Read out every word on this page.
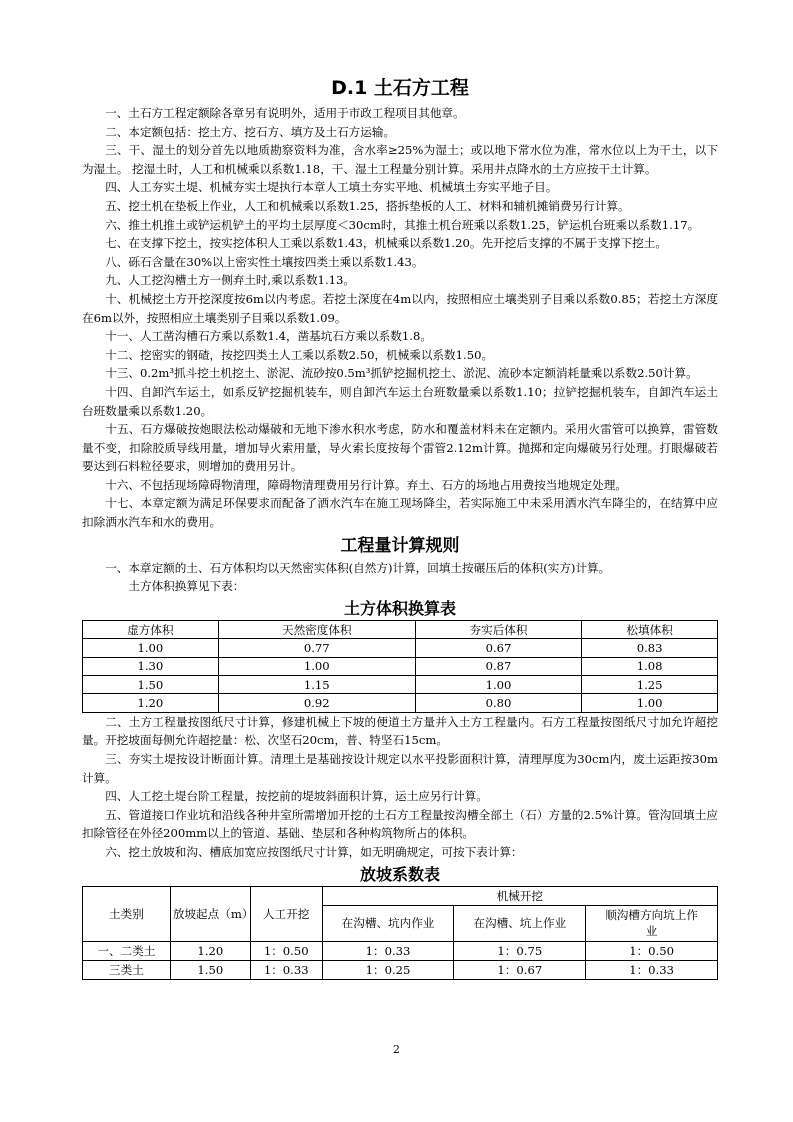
D.1 土石方工程

一、土石方工程定额除各章另有说明外，适用于市政工程项目其他章。

二、本定额包括：挖土方、挖石方、填方及土石方运输。

三、干、湿土的划分首先以地质勘察资料为准，含水率≥25%为湿土；或以地下常水位为准，常水位以上为干土，以下为湿土。 挖湿土时，人工和机械乘以系数1.18，干、湿土工程量分别计算。采用井点降水的土方应按干土计算。

四、人工夯实土堤、机械夯实土堤执行本章人工填土夯实平地、机械填土夯实平地子目。

五、挖土机在垫板上作业，人工和机械乘以系数1.25，搭拆垫板的人工、材料和辅机摊销费另行计算。

六、推土机推土或铲运机铲土的平均土层厚度＜30cm时，其推土机台班乘以系数1.25，铲运机台班乘以系数1.17。

七、在支撑下挖土，按实挖体积人工乘以系数1.43，机械乘以系数1.20。先开挖后支撑的不属于支撑下挖土。

八、砾石含量在30%以上密实性土壤按四类土乘以系数1.43。

九、人工挖沟槽土方一侧弃土时,乘以系数1.13。

十、机械挖土方开挖深度按6m以内考虑。若挖土深度在4m以内，按照相应土壤类别子目乘以系数0.85；若挖土方深度在6m以外，按照相应土壤类别子目乘以系数1.09。

十一、人工凿沟槽石方乘以系数1.4，凿基坑石方乘以系数1.8。

十二、挖密实的钢碴，按挖四类土人工乘以系数2.50，机械乘以系数1.50。

十三、0.2m³抓斗挖土机挖土、淤泥、流砂按0.5m³抓铲挖掘机挖土、淤泥、流砂本定额消耗量乘以系数2.50计算。

十四、自卸汽车运土，如系反铲挖掘机装车，则自卸汽车运土台班数量乘以系数1.10；拉铲挖掘机装车，自卸汽车运土台班数量乘以系数1.20。

十五、石方爆破按炮眼法松动爆破和无地下渗水积水考虑，防水和覆盖材料未在定额内。采用火雷管可以换算，雷管数量不变，扣除胶质导线用量，增加导火索用量，导火索长度按每个雷管2.12m计算。抛掷和定向爆破另行处理。打眼爆破若要达到石料粒径要求，则增加的费用另计。

十六、不包括现场障碍物清理，障碍物清理费用另行计算。弃土、石方的场地占用费按当地规定处理。

十七、本章定额为满足环保要求而配备了洒水汽车在施工现场降尘，若实际施工中未采用洒水汽车降尘的，在结算中应扣除洒水汽车和水的费用。

工程量计算规则

一、本章定额的土、石方体积均以天然密实体积(自然方)计算，回填土按碾压后的体积(实方)计算。

土方体积换算见下表：

土方体积换算表
虚方体积	天然密度体积	夯实后体积	松填体积
1.00	0.77	0.67	0.83
1.30	1.00	0.87	1.08
1.50	1.15	1.00	1.25
1.20	0.92	0.80	1.00

二、土方工程量按图纸尺寸计算，修建机械上下坡的便道土方量并入土方工程量内。石方工程量按图纸尺寸加允许超挖量。开挖坡面每侧允许超挖量：松、次坚石20cm，普、特坚石15cm。

三、夯实土堤按设计断面计算。清理土是基础按设计规定以水平投影面积计算，清理厚度为30cm内，废土运距按30m计算。

四、人工挖土堤台阶工程量，按挖前的堤坡斜面积计算，运土应另行计算。

五、管道接口作业坑和沿线各种井室所需增加开挖的土石方工程量按沟槽全部土（石）方量的2.5%计算。管沟回填土应扣除管径在外径200mm以上的管道、基础、垫层和各种构筑物所占的体积。

六、挖土放坡和沟、槽底加宽应按图纸尺寸计算，如无明确规定，可按下表计算：

放坡系数表
土类别	放坡起点（m）	人工开挖	机械开挖		
			在沟槽、坑内作业	在沟槽、坑上作业	顺沟槽方向坑上作业
一、二类土	1.20	1：0.50	1：0.33	1：0.75	1：0.50
三类土	1.50	1：0.33	1：0.25	1：0.67	1：0.33
2
